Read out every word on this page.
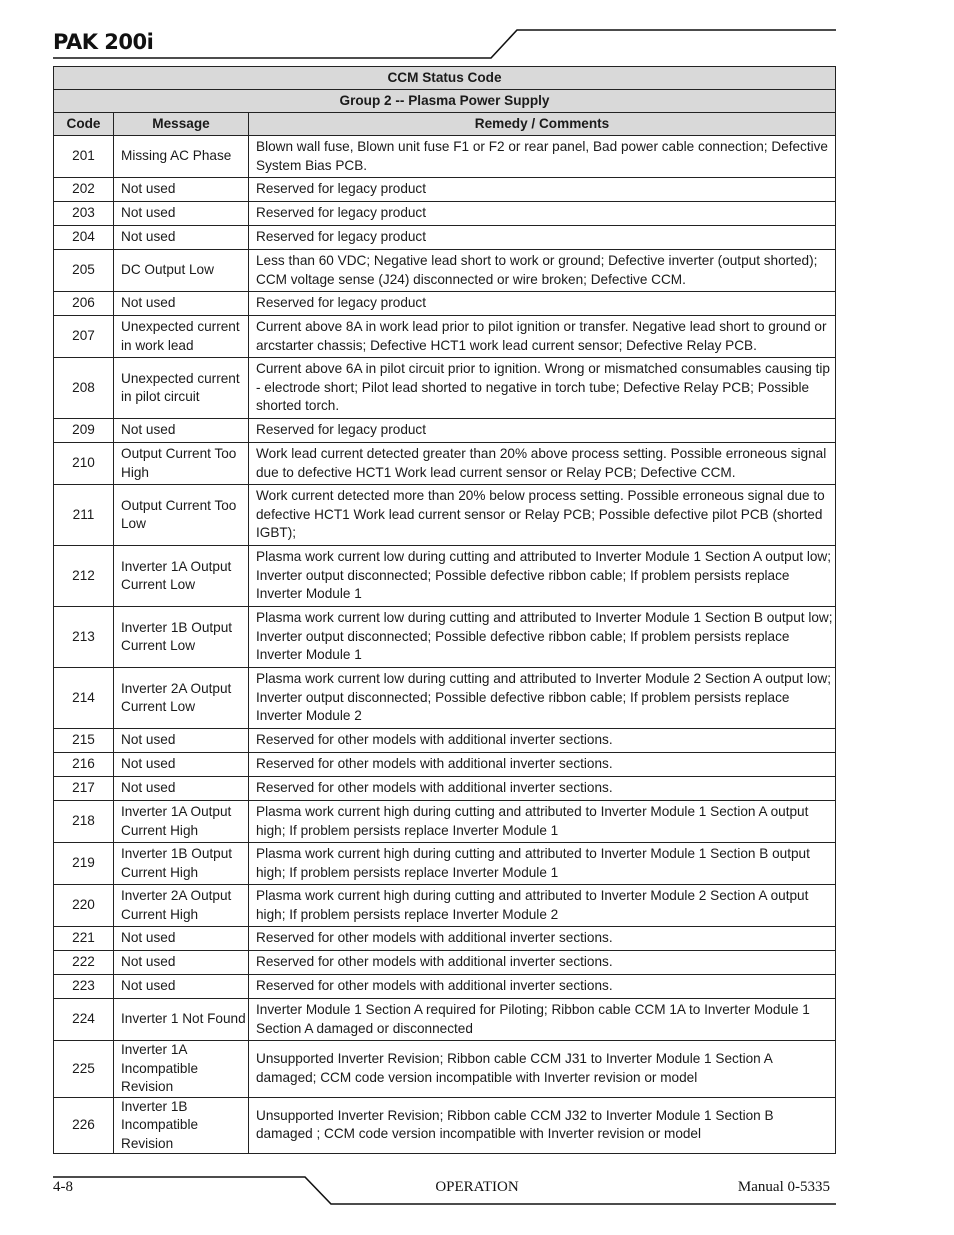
PAK 200i
CCM Status Code		
Group 2 -- Plasma Power Supply		
Code	Message	Remedy / Comments
201	Missing AC Phase	Blown wall fuse, Blown unit fuse F1 or F2 or rear panel, Bad power cable connection; Defective System Bias PCB.
202	Not used	Reserved for legacy product
203	Not used	Reserved for legacy product
204	Not used	Reserved for legacy product
205	DC Output Low	Less than 60 VDC; Negative lead short to work or ground; Defective inverter (output shorted); CCM voltage sense (J24) disconnected or wire broken; Defective CCM.
206	Not used	Reserved for legacy product
207	Unexpected current in work lead	Current above 8A in work lead prior to pilot ignition or transfer. Negative lead short to ground or arcstarter chassis; Defective HCT1 work lead current sensor; Defective Relay PCB.
208	Unexpected current in pilot circuit	Current above 6A in pilot circuit prior to ignition. Wrong or mismatched consumables causing tip - electrode short; Pilot lead shorted to negative in torch tube; Defective Relay PCB; Possible shorted torch.
209	Not used	Reserved for legacy product
210	Output Current Too High	Work lead current detected greater than 20% above process setting. Possible erroneous signal due to defective HCT1 Work lead current sensor or Relay PCB; Defective CCM.
211	Output Current Too Low	Work current detected more than 20% below process setting. Possible erroneous signal due to defective HCT1 Work lead current sensor or Relay PCB; Possible defective pilot PCB (shorted IGBT);
212	Inverter 1A Output Current Low	Plasma work current low during cutting and attributed to Inverter Module 1 Section A output low; Inverter output disconnected; Possible defective ribbon cable; If problem persists replace Inverter Module 1
213	Inverter 1B Output Current Low	Plasma work current low during cutting and attributed to Inverter Module 1 Section B output low; Inverter output disconnected; Possible defective ribbon cable; If problem persists replace Inverter Module 1
214	Inverter 2A Output Current Low	Plasma work current low during cutting and attributed to Inverter Module 2 Section A output low; Inverter output disconnected; Possible defective ribbon cable; If problem persists replace Inverter Module 2
215	Not used	Reserved for other models with additional inverter sections.
216	Not used	Reserved for other models with additional inverter sections.
217	Not used	Reserved for other models with additional inverter sections.
218	Inverter 1A Output Current High	Plasma work current high during cutting and attributed to Inverter Module 1 Section A output high; If problem persists replace Inverter Module 1
219	Inverter 1B Output Current High	Plasma work current high during cutting and attributed to Inverter Module 1 Section B output high; If problem persists replace Inverter Module 1
220	Inverter 2A Output Current High	Plasma work current high during cutting and attributed to Inverter Module 2 Section A output high; If problem persists replace Inverter Module 2
221	Not used	Reserved for other models with additional inverter sections.
222	Not used	Reserved for other models with additional inverter sections.
223	Not used	Reserved for other models with additional inverter sections.
224	Inverter 1 Not Found	Inverter Module 1 Section A required for Piloting; Ribbon cable CCM 1A to Inverter Module 1 Section A damaged or disconnected
225	Inverter 1A Incompatible Revision	Unsupported Inverter Revision; Ribbon cable CCM J31 to Inverter Module 1 Section A damaged; CCM code version incompatible with Inverter revision or model
226	Inverter 1B Incompatible Revision	Unsupported Inverter Revision; Ribbon cable CCM J32 to Inverter Module 1 Section B damaged ; CCM code version incompatible with Inverter revision or model
4-8	OPERATION	Manual 0-5335
